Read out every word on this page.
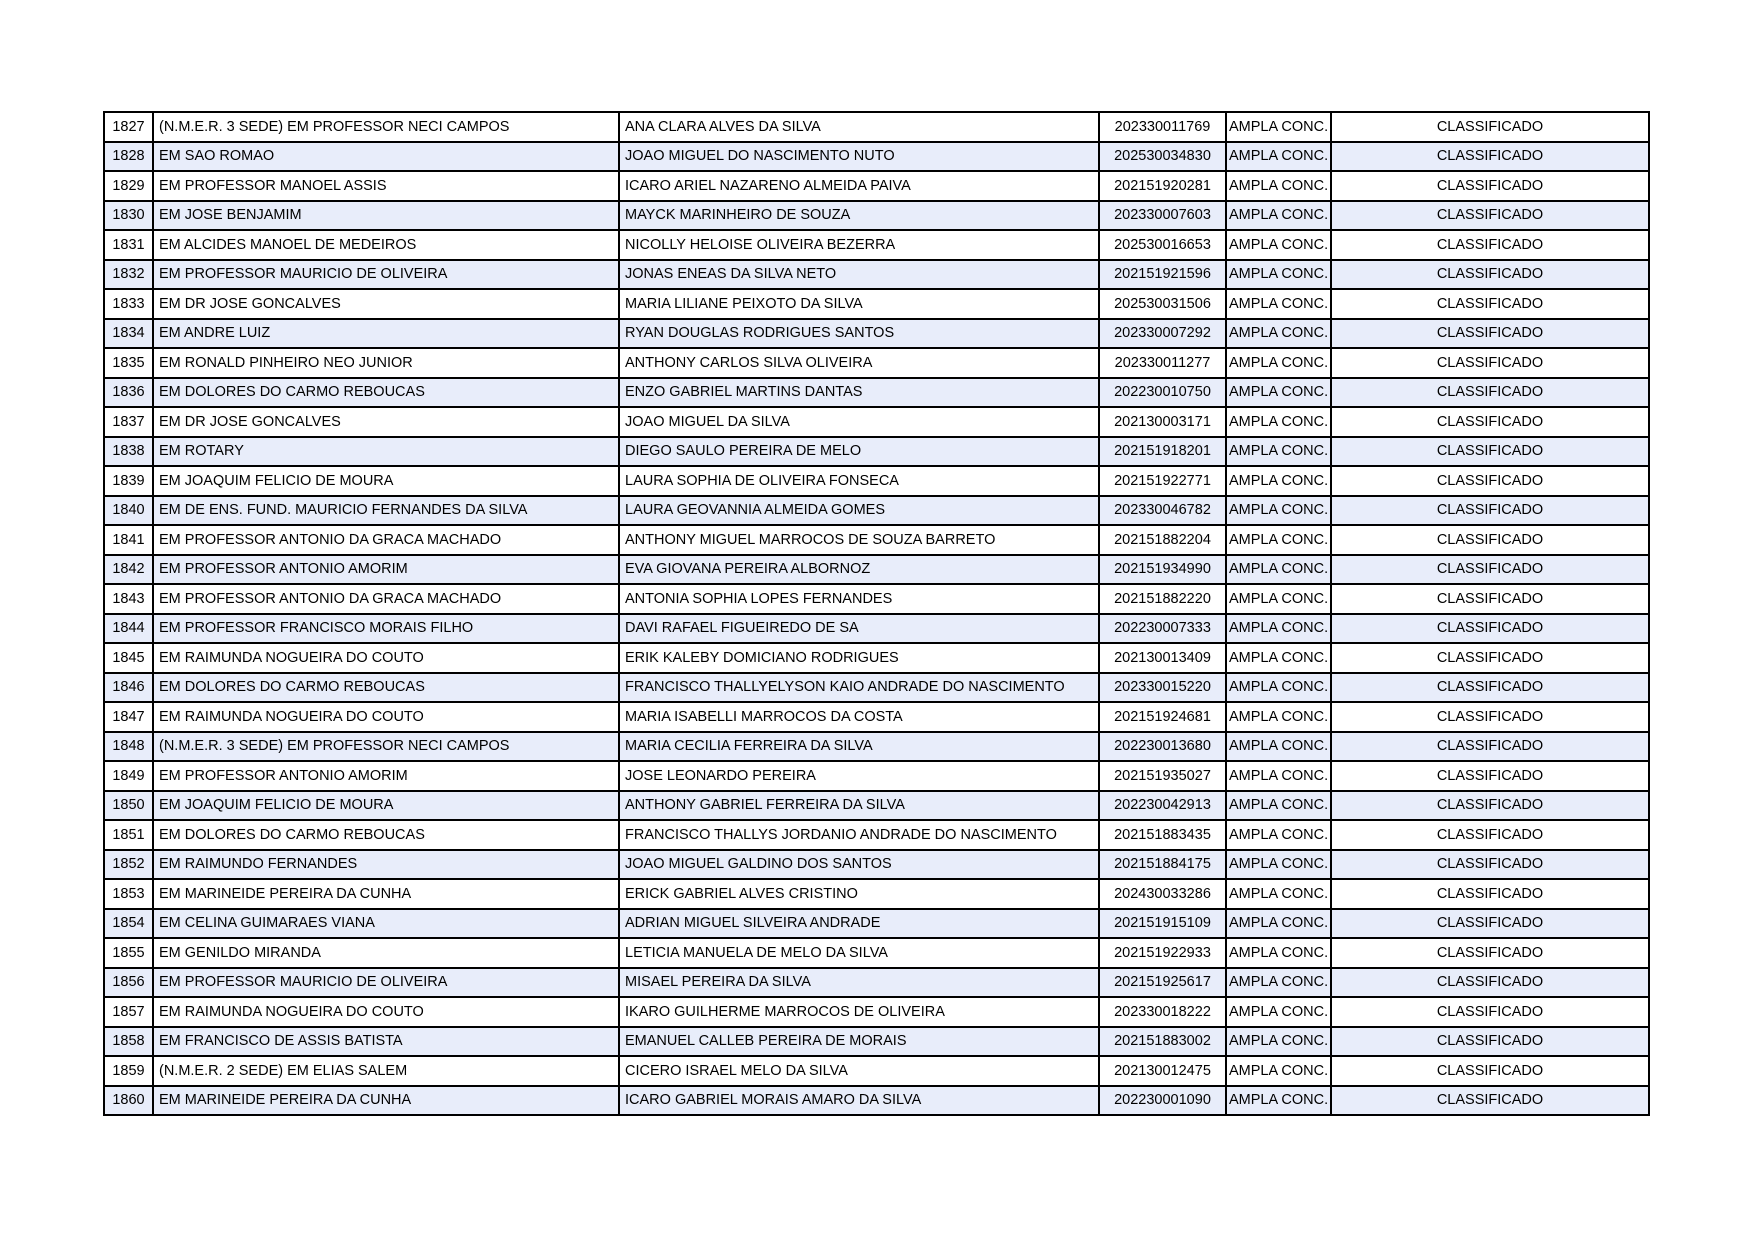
1827	(N.M.E.R. 3 SEDE) EM PROFESSOR NECI CAMPOS	ANA CLARA ALVES DA SILVA	202330011769	AMPLA CONC.	CLASSIFICADO
1828	EM SAO ROMAO	JOAO MIGUEL DO NASCIMENTO NUTO	202530034830	AMPLA CONC.	CLASSIFICADO
1829	EM PROFESSOR MANOEL ASSIS	ICARO ARIEL NAZARENO ALMEIDA PAIVA	202151920281	AMPLA CONC.	CLASSIFICADO
1830	EM JOSE BENJAMIM	MAYCK MARINHEIRO DE SOUZA	202330007603	AMPLA CONC.	CLASSIFICADO
1831	EM ALCIDES MANOEL DE MEDEIROS	NICOLLY HELOISE OLIVEIRA BEZERRA	202530016653	AMPLA CONC.	CLASSIFICADO
1832	EM PROFESSOR MAURICIO DE OLIVEIRA	JONAS ENEAS DA SILVA NETO	202151921596	AMPLA CONC.	CLASSIFICADO
1833	EM DR JOSE GONCALVES	MARIA LILIANE PEIXOTO DA SILVA	202530031506	AMPLA CONC.	CLASSIFICADO
1834	EM ANDRE LUIZ	RYAN DOUGLAS RODRIGUES SANTOS	202330007292	AMPLA CONC.	CLASSIFICADO
1835	EM RONALD PINHEIRO NEO JUNIOR	ANTHONY CARLOS SILVA OLIVEIRA	202330011277	AMPLA CONC.	CLASSIFICADO
1836	EM DOLORES DO CARMO REBOUCAS	ENZO GABRIEL MARTINS DANTAS	202230010750	AMPLA CONC.	CLASSIFICADO
1837	EM DR JOSE GONCALVES	JOAO MIGUEL DA SILVA	202130003171	AMPLA CONC.	CLASSIFICADO
1838	EM ROTARY	DIEGO SAULO PEREIRA DE MELO	202151918201	AMPLA CONC.	CLASSIFICADO
1839	EM JOAQUIM FELICIO DE MOURA	LAURA SOPHIA DE OLIVEIRA FONSECA	202151922771	AMPLA CONC.	CLASSIFICADO
1840	EM DE ENS. FUND. MAURICIO FERNANDES DA SILVA	LAURA GEOVANNIA ALMEIDA GOMES	202330046782	AMPLA CONC.	CLASSIFICADO
1841	EM PROFESSOR ANTONIO DA GRACA MACHADO	ANTHONY MIGUEL MARROCOS DE SOUZA BARRETO	202151882204	AMPLA CONC.	CLASSIFICADO
1842	EM PROFESSOR ANTONIO AMORIM	EVA GIOVANA PEREIRA ALBORNOZ	202151934990	AMPLA CONC.	CLASSIFICADO
1843	EM PROFESSOR ANTONIO DA GRACA MACHADO	ANTONIA SOPHIA LOPES FERNANDES	202151882220	AMPLA CONC.	CLASSIFICADO
1844	EM PROFESSOR FRANCISCO MORAIS FILHO	DAVI RAFAEL FIGUEIREDO DE SA	202230007333	AMPLA CONC.	CLASSIFICADO
1845	EM RAIMUNDA NOGUEIRA DO COUTO	ERIK KALEBY DOMICIANO RODRIGUES	202130013409	AMPLA CONC.	CLASSIFICADO
1846	EM DOLORES DO CARMO REBOUCAS	FRANCISCO THALLYELYSON KAIO ANDRADE DO NASCIMENTO	202330015220	AMPLA CONC.	CLASSIFICADO
1847	EM RAIMUNDA NOGUEIRA DO COUTO	MARIA ISABELLI MARROCOS DA COSTA	202151924681	AMPLA CONC.	CLASSIFICADO
1848	(N.M.E.R. 3 SEDE) EM PROFESSOR NECI CAMPOS	MARIA CECILIA FERREIRA DA SILVA	202230013680	AMPLA CONC.	CLASSIFICADO
1849	EM PROFESSOR ANTONIO AMORIM	JOSE LEONARDO PEREIRA	202151935027	AMPLA CONC.	CLASSIFICADO
1850	EM JOAQUIM FELICIO DE MOURA	ANTHONY GABRIEL FERREIRA DA SILVA	202230042913	AMPLA CONC.	CLASSIFICADO
1851	EM DOLORES DO CARMO REBOUCAS	FRANCISCO THALLYS JORDANIO ANDRADE DO NASCIMENTO	202151883435	AMPLA CONC.	CLASSIFICADO
1852	EM RAIMUNDO FERNANDES	JOAO MIGUEL GALDINO DOS SANTOS	202151884175	AMPLA CONC.	CLASSIFICADO
1853	EM MARINEIDE PEREIRA DA CUNHA	ERICK GABRIEL ALVES CRISTINO	202430033286	AMPLA CONC.	CLASSIFICADO
1854	EM CELINA GUIMARAES VIANA	ADRIAN MIGUEL SILVEIRA ANDRADE	202151915109	AMPLA CONC.	CLASSIFICADO
1855	EM GENILDO MIRANDA	LETICIA MANUELA DE MELO DA SILVA	202151922933	AMPLA CONC.	CLASSIFICADO
1856	EM PROFESSOR MAURICIO DE OLIVEIRA	MISAEL PEREIRA DA SILVA	202151925617	AMPLA CONC.	CLASSIFICADO
1857	EM RAIMUNDA NOGUEIRA DO COUTO	IKARO GUILHERME MARROCOS DE OLIVEIRA	202330018222	AMPLA CONC.	CLASSIFICADO
1858	EM FRANCISCO DE ASSIS BATISTA	EMANUEL CALLEB PEREIRA DE MORAIS	202151883002	AMPLA CONC.	CLASSIFICADO
1859	(N.M.E.R. 2 SEDE) EM ELIAS SALEM	CICERO ISRAEL MELO DA SILVA	202130012475	AMPLA CONC.	CLASSIFICADO
1860	EM MARINEIDE PEREIRA DA CUNHA	ICARO GABRIEL MORAIS AMARO DA SILVA	202230001090	AMPLA CONC.	CLASSIFICADO
